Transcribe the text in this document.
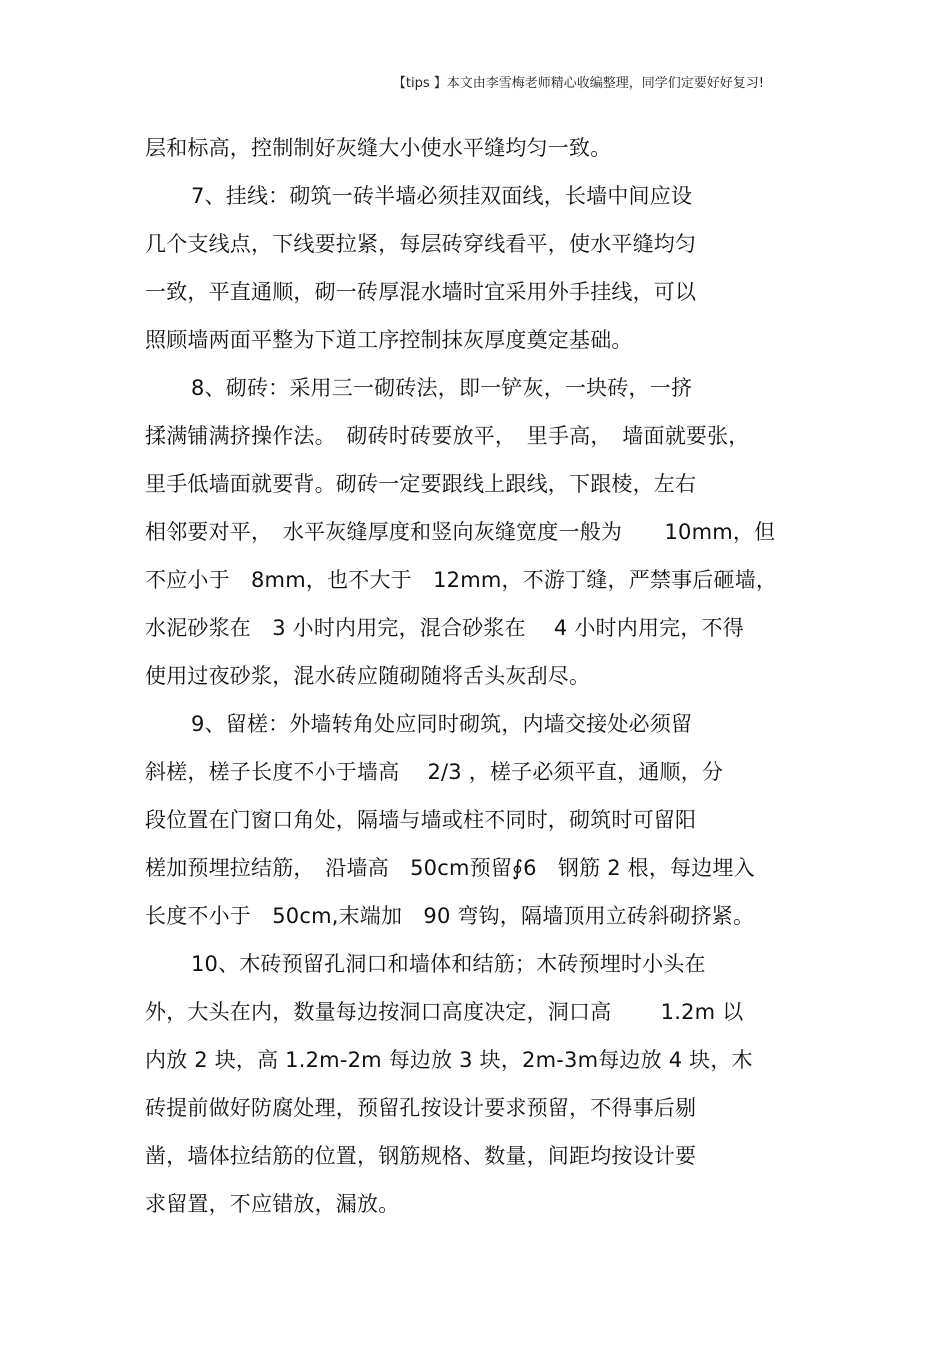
【tips 】本文由李雪梅老师精心收编整理，同学们定要好好复习!
层和标高，控制制好灰缝大小使水平缝均匀一致。
7、挂线：砌筑一砖半墙必须挂双面线，长墙中间应设
几个支线点，下线要拉紧，每层砖穿线看平，使水平缝均匀
一致，平直通顺，砌一砖厚混水墙时宜采用外手挂线，可以
照顾墙两面平整为下道工序控制抹灰厚度奠定基础。
8、砌砖：采用三一砌砖法，即一铲灰，一块砖，一挤
揉满铺满挤操作法。　砌砖时砖要放平，　里手高，　墙面就要张，
里手低墙面就要背。砌砖一定要跟线上跟线，下跟棱，左右
相邻要对平，　水平灰缝厚度和竖向灰缝宽度一般为　　10mm，但
不应小于　8mm，也不大于　12mm，不游丁缝，严禁事后砸墙，
水泥砂浆在　3 小时内用完，混合砂浆在　 4 小时内用完，不得
使用过夜砂浆，混水砖应随砌随将舌头灰刮尽。
9、留槎：外墙转角处应同时砌筑，内墙交接处必须留
斜槎，槎子长度不小于墙高　 2/3 ，槎子必须平直，通顺，分
段位置在门窗口角处，隔墙与墙或柱不同时，砌筑时可留阳
槎加预埋拉结筋，　沿墙高　50cm预留∮6　钢筋 2 根，每边埋入
长度不小于　50cm,末端加　90 弯钩，隔墙顶用立砖斜砌挤紧。
10、木砖预留孔洞口和墙体和结筋；木砖预埋时小头在
外，大头在内，数量每边按洞口高度决定，洞口高　　 1.2m 以
内放 2 块，高 1.2m-2m 每边放 3 块，2m-3m每边放 4 块，木
砖提前做好防腐处理，预留孔按设计要求预留，不得事后剔
凿，墙体拉结筋的位置，钢筋规格、数量，间距均按设计要
求留置，不应错放，漏放。
